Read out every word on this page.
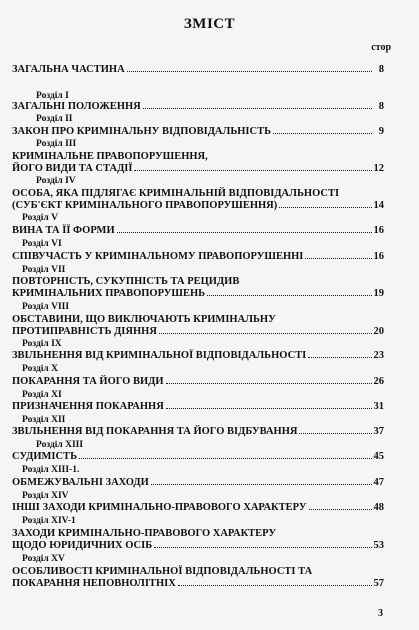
ЗМІСТ
стор
ЗАГАЛЬНА ЧАСТИНА	8
Розділ І
ЗАГАЛЬНІ ПОЛОЖЕННЯ	8
Розділ ІІ
ЗАКОН ПРО КРИМІНАЛЬНУ ВІДПОВІДАЛЬНІСТЬ	9
Розділ ІІІ
КРИМІНАЛЬНЕ ПРАВОПОРУШЕННЯ,
ЙОГО ВИДИ ТА СТАДІЇ	12
Розділ IV
ОСОБА, ЯКА ПІДЛЯГАЄ КРИМІНАЛЬНІЙ ВІДПОВІДАЛЬНОСТІ
(СУБ'ЄКТ КРИМІНАЛЬНОГО ПРАВОПОРУШЕННЯ)	14
Розділ V
ВИНА ТА ЇЇ ФОРМИ	16
Розділ VI
СПІВУЧАСТЬ У КРИМІНАЛЬНОМУ ПРАВОПОРУШЕННІ	16
Розділ VII
ПОВТОРНІСТЬ, СУКУПНІСТЬ ТА РЕЦИДИВ
КРИМІНАЛЬНИХ ПРАВОПОРУШЕНЬ	19
Розділ VIII
ОБСТАВИНИ, ЩО ВИКЛЮЧАЮТЬ КРИМІНАЛЬНУ
ПРОТИПРАВНІСТЬ ДІЯННЯ	20
Розділ IX
ЗВІЛЬНЕННЯ ВІД КРИМІНАЛЬНОЇ ВІДПОВІДАЛЬНОСТІ	23
Розділ X
ПОКАРАННЯ ТА ЙОГО ВИДИ	26
Розділ XI
ПРИЗНАЧЕННЯ ПОКАРАННЯ	31
Розділ XII
ЗВІЛЬНЕННЯ ВІД ПОКАРАННЯ ТА ЙОГО ВІДБУВАННЯ	37
Розділ XIII
СУДИМІСТЬ	45
Розділ XIII-1.
ОБМЕЖУВАЛЬНІ ЗАХОДИ	47
Розділ XIV
ІНШІ ЗАХОДИ КРИМІНАЛЬНО-ПРАВОВОГО ХАРАКТЕРУ	48
Розділ XIV-1
ЗАХОДИ КРИМІНАЛЬНО-ПРАВОВОГО ХАРАКТЕРУ
ЩОДО ЮРИДИЧНИХ ОСІБ	53
Розділ XV
ОСОБЛИВОСТІ КРИМІНАЛЬНОЇ ВІДПОВІДАЛЬНОСТІ ТА
ПОКАРАННЯ НЕПОВНОЛІТНІХ	57
3
